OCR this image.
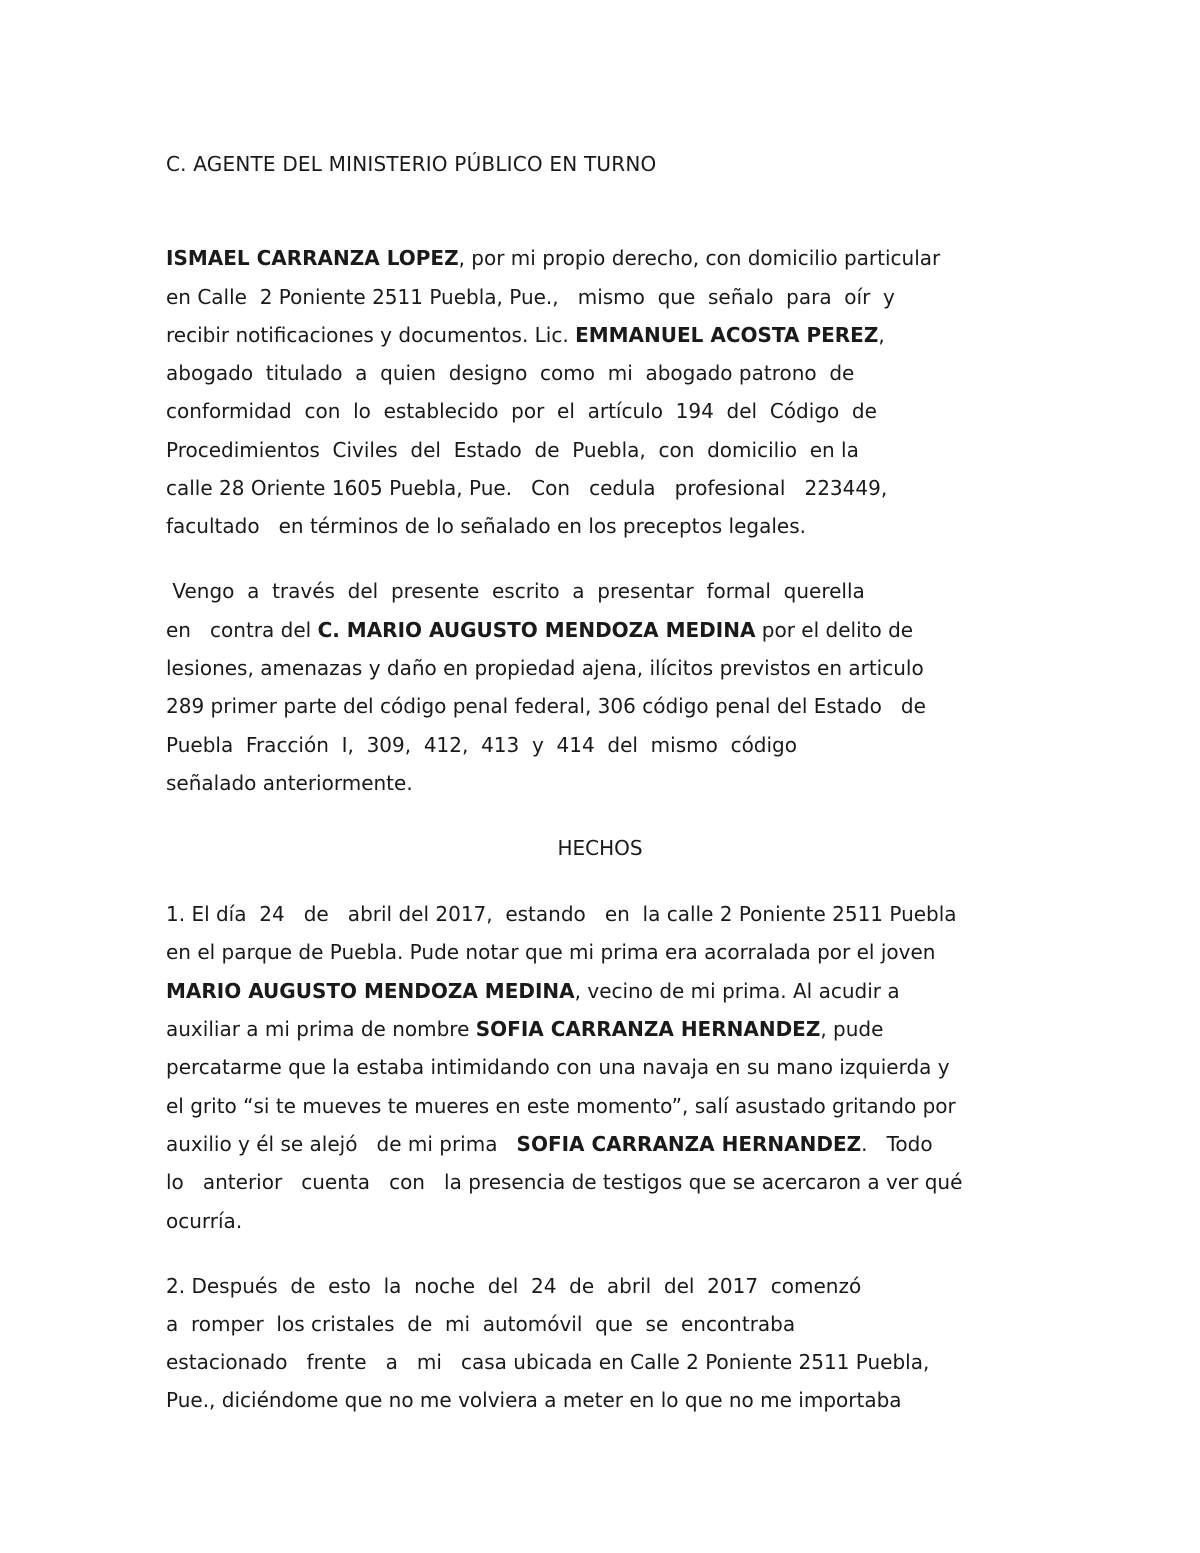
C. AGENTE DEL MINISTERIO PÚBLICO EN TURNO
ISMAEL CARRANZA LOPEZ, por mi propio derecho, con domicilio particular
en Calle  2 Poniente 2511 Puebla, Pue.,   mismo  que  señalo  para  oír  y
recibir notificaciones y documentos. Lic. EMMANUEL ACOSTA PEREZ,
abogado  titulado  a  quien  designo  como  mi  abogado patrono  de
conformidad  con  lo  establecido  por  el  artículo  194  del  Código  de
Procedimientos  Civiles  del  Estado  de  Puebla,  con  domicilio  en la
calle 28 Oriente 1605 Puebla, Pue.   Con   cedula   profesional   223449,
facultado   en términos de lo señalado en los preceptos legales.
Vengo  a  través  del  presente  escrito  a  presentar  formal  querella
en   contra del C. MARIO AUGUSTO MENDOZA MEDINA por el delito de
lesiones, amenazas y daño en propiedad ajena, ilícitos previstos en articulo
289 primer parte del código penal federal, 306 código penal del Estado   de
Puebla  Fracción  I,  309,  412,  413  y  414  del  mismo  código
señalado anteriormente.
HECHOS
1. El día  24   de   abril del 2017,  estando   en  la calle 2 Poniente 2511 Puebla
en el parque de Puebla. Pude notar que mi prima era acorralada por el joven
MARIO AUGUSTO MENDOZA MEDINA, vecino de mi prima. Al acudir a
auxiliar a mi prima de nombre SOFIA CARRANZA HERNANDEZ, pude
percatarme que la estaba intimidando con una navaja en su mano izquierda y
el grito “si te mueves te mueres en este momento”, salí asustado gritando por
auxilio y él se alejó   de mi prima   SOFIA CARRANZA HERNANDEZ.   Todo
lo   anterior   cuenta   con   la presencia de testigos que se acercaron a ver qué
ocurría.
2. Después  de  esto  la  noche  del  24  de  abril  del  2017  comenzó
a  romper  los cristales  de  mi  automóvil  que  se  encontraba
estacionado   frente   a   mi   casa ubicada en Calle 2 Poniente 2511 Puebla,
Pue., diciéndome que no me volviera a meter en lo que no me importaba
